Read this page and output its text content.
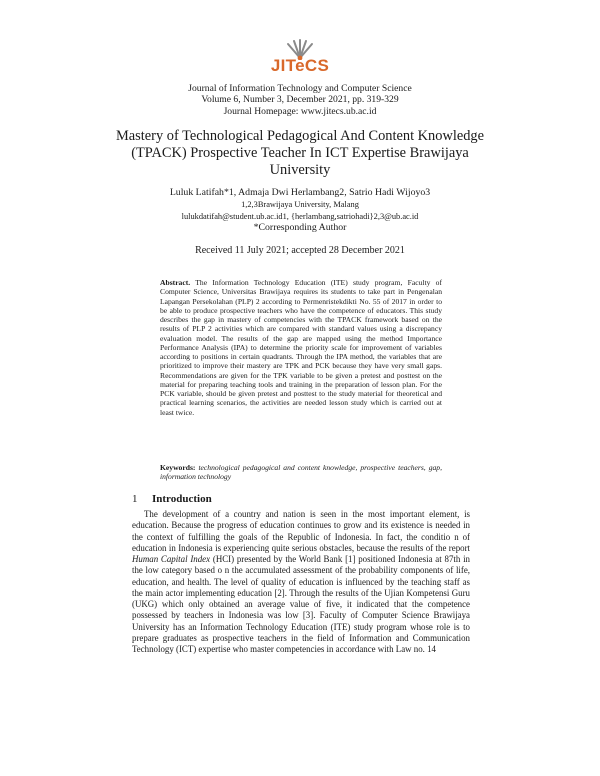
JITeCS
Journal of Information Technology and Computer Science
Volume 6, Number 3, December 2021, pp. 319-329
Journal Homepage: www.jitecs.ub.ac.id
Mastery of Technological Pedagogical And Content Knowledge (TPACK) Prospective Teacher In ICT Expertise Brawijaya University
Luluk Latifah*1, Admaja Dwi Herlambang2, Satrio Hadi Wijoyo3
1,2,3Brawijaya University, Malang
lulukdatifah@student.ub.ac.id1, {herlambang,satriohadi}2,3@ub.ac.id
*Corresponding Author
Received 11 July 2021; accepted 28 December 2021
Abstract. The Information Technology Education (ITE) study program, Faculty of Computer Science, Universitas Brawijaya requires its students to take part in Pengenalan Lapangan Persekolahan (PLP) 2 according to Permenristekdikti No. 55 of 2017 in order to be able to produce prospective teachers who have the competence of educators. This study describes the gap in mastery of competencies with the TPACK framework based on the results of PLP 2 activities which are compared with standard values using a discrepancy evaluation model. The results of the gap are mapped using the method Importance Performance Analysis (IPA) to determine the priority scale for improvement of variables according to positions in certain quadrants. Through the IPA method, the variables that are prioritized to improve their mastery are TPK and PCK because they have very small gaps. Recommendations are given for the TPK variable to be given a pretest and posttest on the material for preparing teaching tools and training in the preparation of lesson plan. For the PCK variable, should be given pretest and posttest to the study material for theoretical and practical learning scenarios, the activities are needed lesson study which is carried out at least twice.
Keywords: technological pedagogical and content knowledge, prospective teachers, gap, information technology
1 Introduction

The development of a country and nation is seen in the most important element, is education. Because the progress of education continues to grow and its existence is needed in the context of fulfilling the goals of the Republic of Indonesia. In fact, the conditio n of education in Indonesia is experiencing quite serious obstacles, because the results of the report Human Capital Index (HCI) presented by the World Bank [1] positioned Indonesia at 87th in the low category based o n the accumulated assessment of the probability components of life, education, and health. The level of quality of education is influenced by the teaching staff as the main actor implementing education [2]. Through the results of the Ujian Kompetensi Guru (UKG) which only obtained an average value of five, it indicated that the competence possessed by teachers in Indonesia was low [3]. Faculty of Computer Science Brawijaya University has an Information Technology Education (ITE) study program whose role is to prepare graduates as prospective teachers in the field of Information and Communication Technology (ICT) expertise who master competencies in accordance with Law no. 14
